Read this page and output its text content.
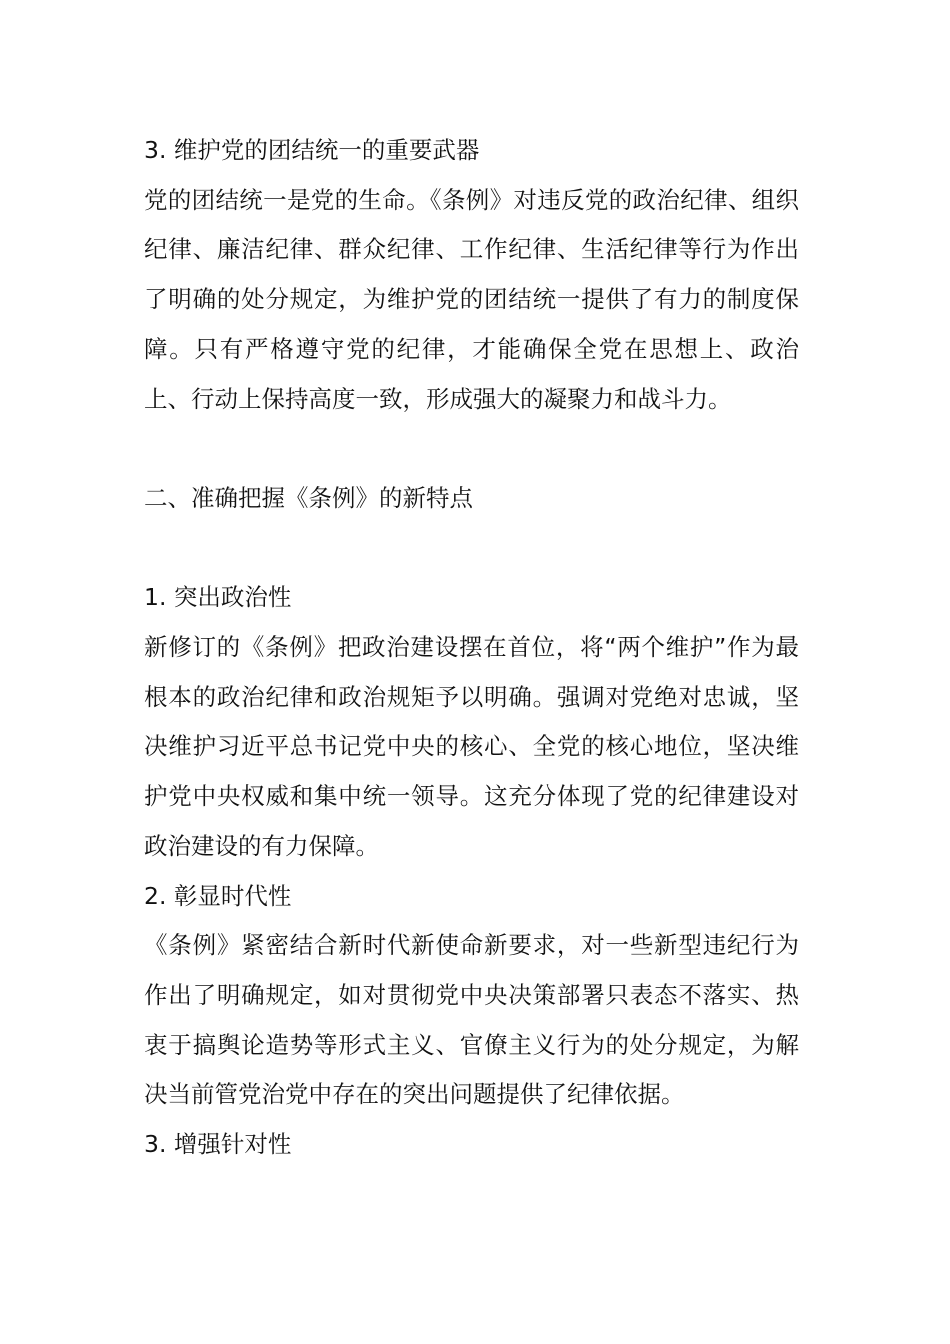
3. 维护党的团结统一的重要武器

党的团结统一是党的生命。《条例》对违反党的政治纪律、组织纪律、廉洁纪律、群众纪律、工作纪律、生活纪律等行为作出了明确的处分规定，为维护党的团结统一提供了有力的制度保障。只有严格遵守党的纪律，才能确保全党在思想上、政治上、行动上保持高度一致，形成强大的凝聚力和战斗力。

二、准确把握《条例》的新特点

1. 突出政治性

新修订的《条例》把政治建设摆在首位，将“两个维护”作为最根本的政治纪律和政治规矩予以明确。强调对党绝对忠诚，坚决维护习近平总书记党中央的核心、全党的核心地位，坚决维护党中央权威和集中统一领导。这充分体现了党的纪律建设对政治建设的有力保障。

2. 彰显时代性

《条例》紧密结合新时代新使命新要求，对一些新型违纪行为作出了明确规定，如对贯彻党中央决策部署只表态不落实、热衷于搞舆论造势等形式主义、官僚主义行为的处分规定，为解决当前管党治党中存在的突出问题提供了纪律依据。

3. 增强针对性
